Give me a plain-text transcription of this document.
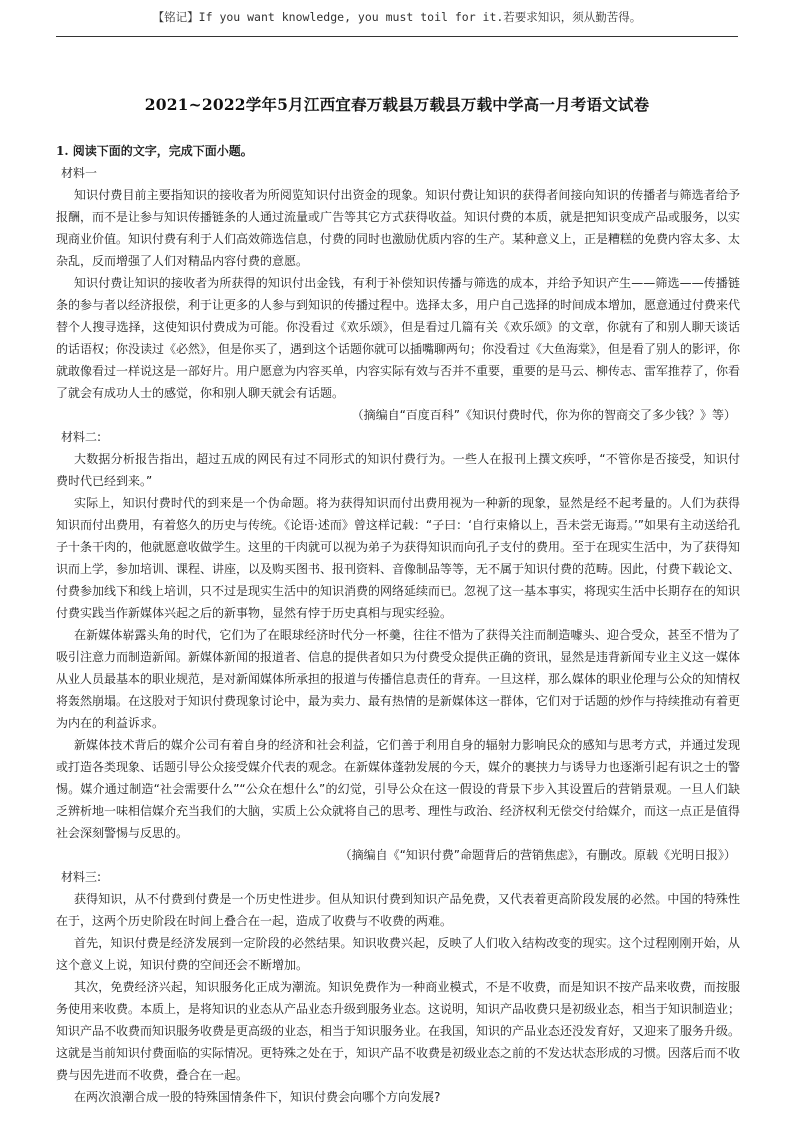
【铭记】If you want knowledge, you must toil for it.若要求知识，须从勤苦得。
2021~2022学年5月江西宜春万载县万载县万载中学高一月考语文试卷

1. 阅读下面的文字，完成下面小题。

材料一

知识付费目前主要指知识的接收者为所阅览知识付出资金的现象。知识付费让知识的获得者间接向知识的传播者与筛选者给予报酬，而不是让参与知识传播链条的人通过流量或广告等其它方式获得收益。知识付费的本质，就是把知识变成产品或服务，以实现商业价值。知识付费有利于人们高效筛选信息，付费的同时也激励优质内容的生产。某种意义上，正是糟糕的免费内容太多、太杂乱，反而增强了人们对精品内容付费的意愿。

知识付费让知识的接收者为所获得的知识付出金钱，有利于补偿知识传播与筛选的成本，并给予知识产生——筛选——传播链条的参与者以经济报偿，利于让更多的人参与到知识的传播过程中。选择太多，用户自己选择的时间成本增加，愿意通过付费来代替个人搜寻选择，这使知识付费成为可能。你没看过《欢乐颂》，但是看过几篇有关《欢乐颂》的文章，你就有了和别人聊天谈话的话语权；你没读过《必然》，但是你买了，遇到这个话题你就可以插嘴聊两句；你没看过《大鱼海棠》，但是看了别人的影评，你就敢像看过一样说这是一部好片。用户愿意为内容买单，内容实际有效与否并不重要，重要的是马云、柳传志、雷军推荐了，你看了就会有成功人士的感觉，你和别人聊天就会有话题。

（摘编自“百度百科”《知识付费时代，你为你的智商交了多少钱？》等）

材料二:

大数据分析报告指出，超过五成的网民有过不同形式的知识付费行为。一些人在报刊上撰文疾呼，“不管你是否接受，知识付费时代已经到来。”

实际上，知识付费时代的到来是一个伪命题。将为获得知识而付出费用视为一种新的现象，显然是经不起考量的。人们为获得知识而付出费用，有着悠久的历史与传统。《论语·述而》曾这样记载：“子曰：‘自行束脩以上，吾未尝无诲焉。’”如果有主动送给孔子十条干肉的，他就愿意收做学生。这里的干肉就可以视为弟子为获得知识而向孔子支付的费用。至于在现实生活中，为了获得知识而上学，参加培训、课程、讲座，以及购买图书、报刊资料、音像制品等等，无不属于知识付费的范畴。因此，付费下载论文、付费参加线下和线上培训，只不过是现实生活中的知识消费的网络延续而已。忽视了这一基本事实，将现实生活中长期存在的知识付费实践当作新媒体兴起之后的新事物，显然有悖于历史真相与现实经验。

在新媒体崭露头角的时代，它们为了在眼球经济时代分一杯羹，往往不惜为了获得关注而制造噱头、迎合受众，甚至不惜为了吸引注意力而制造新闻。新媒体新闻的报道者、信息的提供者如只为付费受众提供正确的资讯，显然是违背新闻专业主义这一媒体从业人员最基本的职业规范，是对新闻媒体所承担的报道与传播信息责任的背弃。一旦这样，那么媒体的职业伦理与公众的知情权将轰然崩塌。在这股对于知识付费现象讨论中，最为卖力、最有热情的是新媒体这一群体，它们对于话题的炒作与持续推动有着更为内在的利益诉求。

新媒体技术背后的媒介公司有着自身的经济和社会利益，它们善于利用自身的辐射力影响民众的感知与思考方式，并通过发现或打造各类现象、话题引导公众接受媒介代表的观念。在新媒体蓬勃发展的今天，媒介的裹挟力与诱导力也逐渐引起有识之士的警惕。媒介通过制造“社会需要什么”“公众在想什么”的幻觉，引导公众在这一假设的背景下步入其设置后的营销景观。一旦人们缺乏辨析地一味相信媒介充当我们的大脑，实质上公众就将自己的思考、理性与政治、经济权利无偿交付给媒介，而这一点正是值得社会深刻警惕与反思的。

（摘编自《“知识付费”命题背后的营销焦虑》，有删改。原载《光明日报》）

材料三:

获得知识，从不付费到付费是一个历史性进步。但从知识付费到知识产品免费，又代表着更高阶段发展的必然。中国的特殊性在于，这两个历史阶段在时间上叠合在一起，造成了收费与不收费的两难。

首先，知识付费是经济发展到一定阶段的必然结果。知识收费兴起，反映了人们收入结构改变的现实。这个过程刚刚开始，从这个意义上说，知识付费的空间还会不断增加。

其次，免费经济兴起，知识服务化正成为潮流。知识免费作为一种商业模式，不是不收费，而是知识不按产品来收费，而按服务使用来收费。本质上，是将知识的业态从产品业态升级到服务业态。这说明，知识产品收费只是初级业态，相当于知识制造业；知识产品不收费而知识服务收费是更高级的业态，相当于知识服务业。在我国，知识的产品业态还没发育好，又迎来了服务升级。这就是当前知识付费面临的实际情况。更特殊之处在于，知识产品不收费是初级业态之前的不发达状态形成的习惯。因落后而不收费与因先进而不收费，叠合在一起。

在两次浪潮合成一股的特殊国情条件下，知识付费会向哪个方向发展?
